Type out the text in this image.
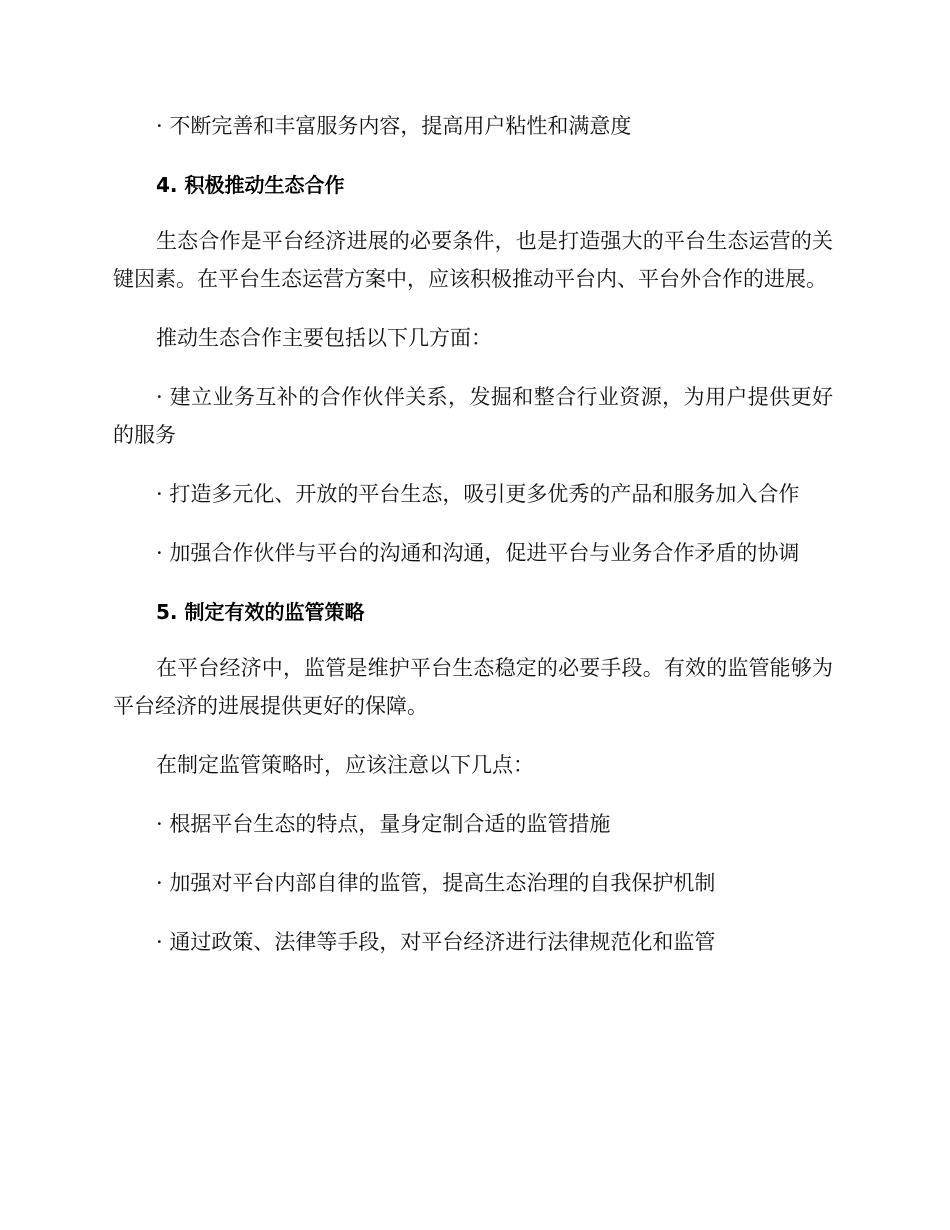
· 不断完善和丰富服务内容，提高用户粘性和满意度

4. 积极推动生态合作

生态合作是平台经济进展的必要条件，也是打造强大的平台生态运营的关键因素。在平台生态运营方案中，应该积极推动平台内、平台外合作的进展。

推动生态合作主要包括以下几方面：

· 建立业务互补的合作伙伴关系，发掘和整合行业资源，为用户提供更好的服务

· 打造多元化、开放的平台生态，吸引更多优秀的产品和服务加入合作

· 加强合作伙伴与平台的沟通和沟通，促进平台与业务合作矛盾的协调

5. 制定有效的监管策略

在平台经济中，监管是维护平台生态稳定的必要手段。有效的监管能够为平台经济的进展提供更好的保障。

在制定监管策略时，应该注意以下几点：

· 根据平台生态的特点，量身定制合适的监管措施

· 加强对平台内部自律的监管，提高生态治理的自我保护机制

· 通过政策、法律等手段，对平台经济进行法律规范化和监管
